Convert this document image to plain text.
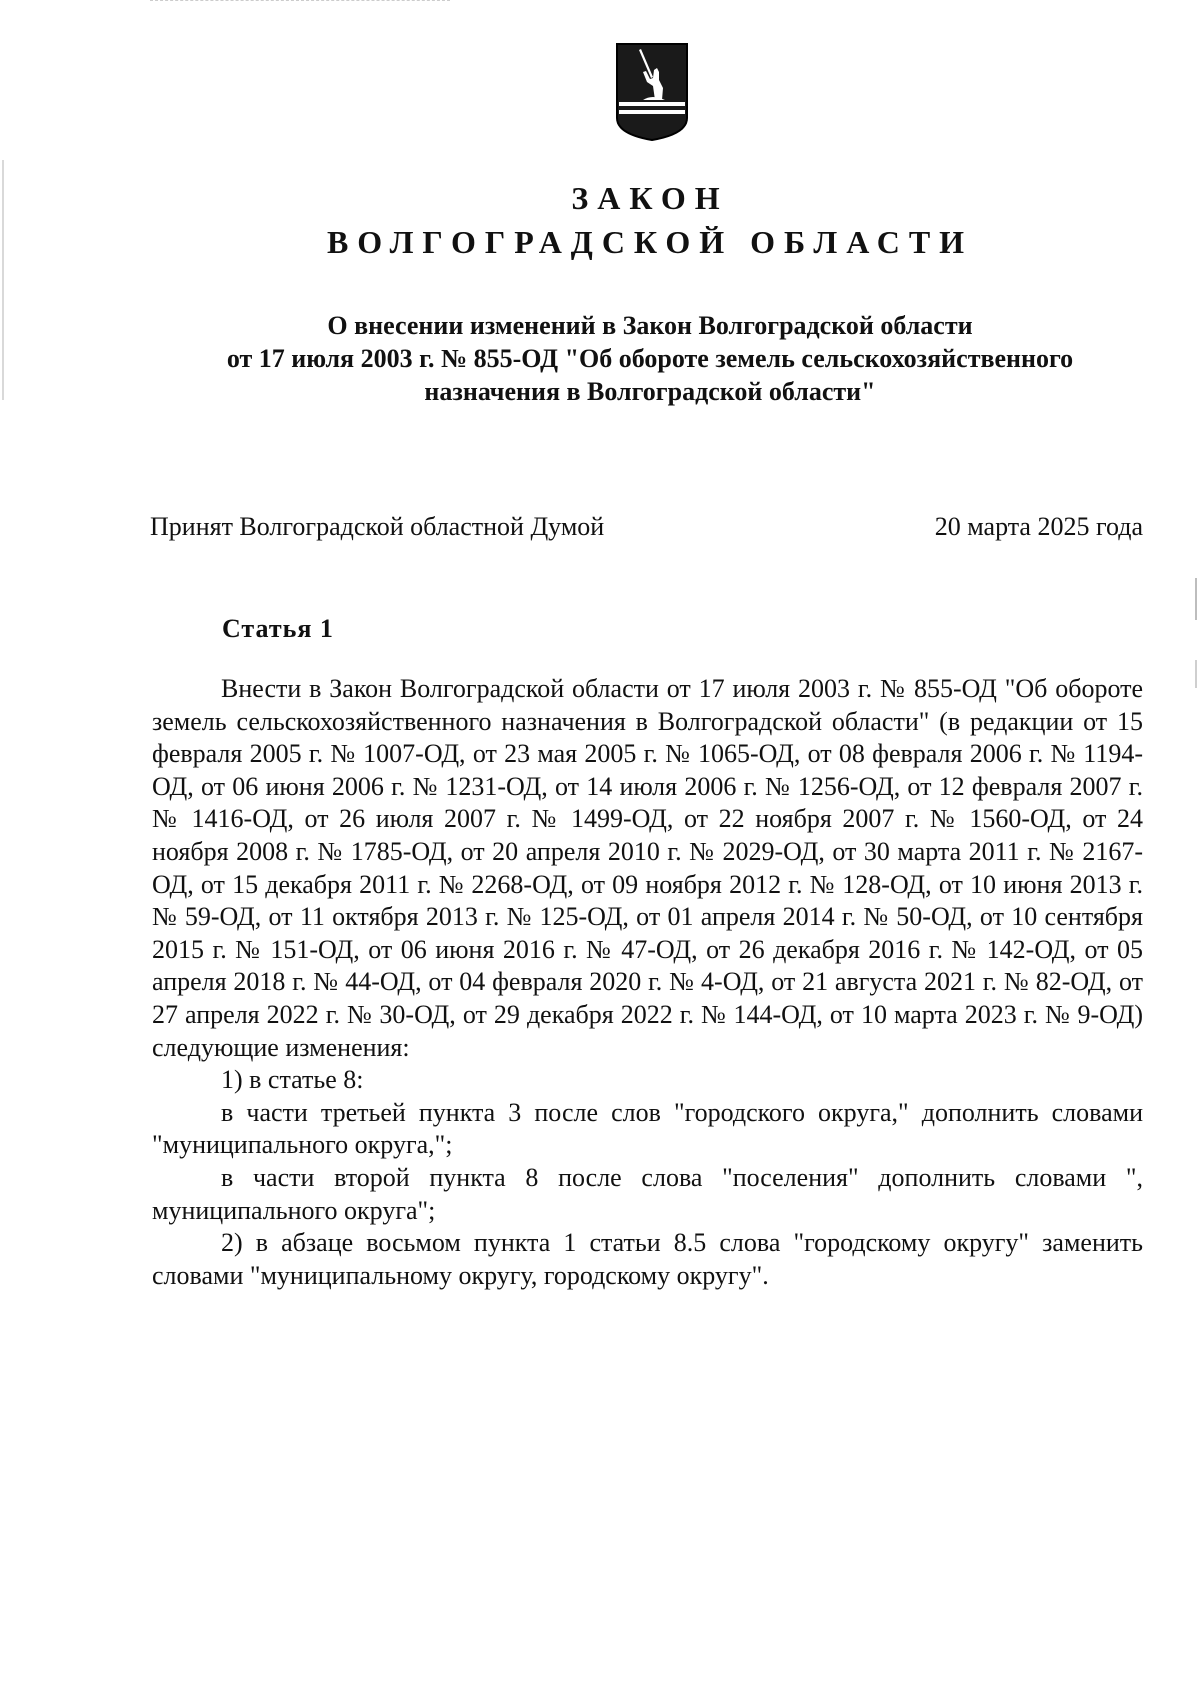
ЗАКОН
ВОЛГОГРАДСКОЙ ОБЛАСТИ
О внесении изменений в Закон Волгоградской области
от 17 июля 2003 г. № 855-ОД "Об обороте земель сельскохозяйственного
назначения в Волгоградской области"

Принят Волгоградской областной Думой	20 марта 2025 года

Статья 1

Внести в Закон Волгоградской области от 17 июля 2003 г. № 855-ОД "Об обороте земель сельскохозяйственного назначения в Волгоградской области" (в редакции от 15 февраля 2005 г. № 1007-ОД, от 23 мая 2005 г. № 1065-ОД, от 08 февраля 2006 г. № 1194-ОД, от 06 июня 2006 г. № 1231-ОД, от 14 июля 2006 г. № 1256-ОД, от 12 февраля 2007 г. № 1416-ОД, от 26 июля 2007 г. № 1499-ОД, от 22 ноября 2007 г. № 1560-ОД, от 24 ноября 2008 г. № 1785-ОД, от 20 апреля 2010 г. № 2029-ОД, от 30 марта 2011 г. № 2167-ОД, от 15 декабря 2011 г. № 2268-ОД, от 09 ноября 2012 г. № 128-ОД, от 10 июня 2013 г. № 59-ОД, от 11 октября 2013 г. № 125-ОД, от 01 апреля 2014 г. № 50-ОД, от 10 сентября 2015 г. № 151-ОД, от 06 июня 2016 г. № 47-ОД, от 26 декабря 2016 г. № 142-ОД, от 05 апреля 2018 г. № 44-ОД, от 04 февраля 2020 г. № 4-ОД, от 21 августа 2021 г. № 82-ОД, от 27 апреля 2022 г. № 30-ОД, от 29 декабря 2022 г. № 144-ОД, от 10 марта 2023 г. № 9-ОД) следующие изменения:

1) в статье 8:

в части третьей пункта 3 после слов "городского округа," дополнить словами "муниципального округа,";

в части второй пункта 8 после слова "поселения" дополнить словами ", муниципального округа";

2) в абзаце восьмом пункта 1 статьи 8.5 слова "городскому округу" заменить словами "муниципальному округу, городскому округу".
